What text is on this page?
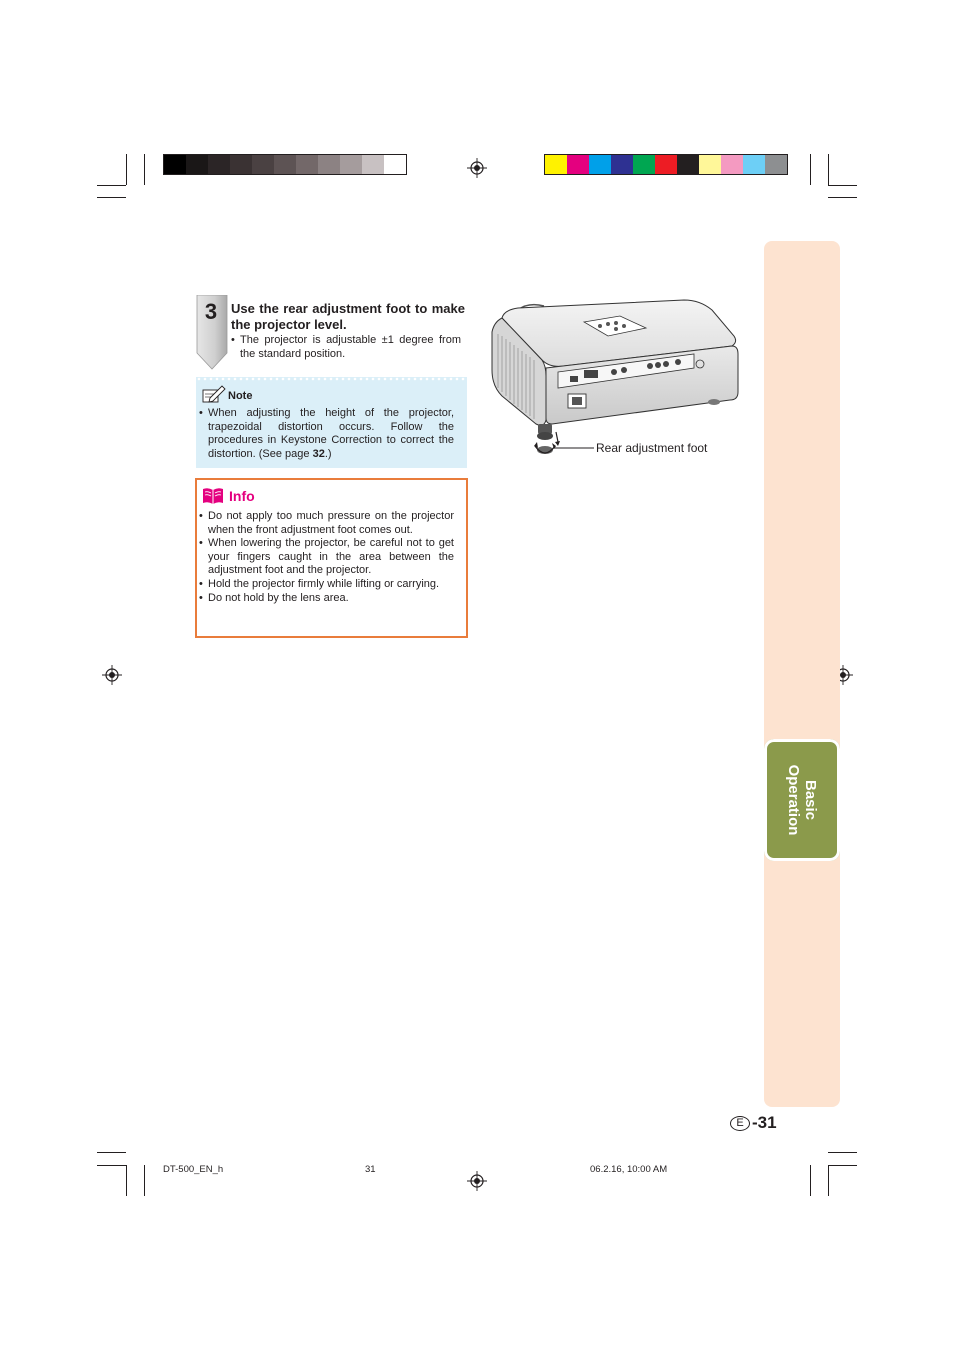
Basic
Operation
3 Use the rear adjustment foot to make the projector level.
• The projector is adjustable ±1 degree from the standard position.
Note
• When adjusting the height of the projector, trapezoidal distortion occurs. Follow the procedures in Keystone Correction to correct the distortion. (See page 32.)
Info
• Do not apply too much pressure on the projector when the front adjustment foot comes out.
• When lowering the projector, be careful not to get your fingers caught in the area between the adjustment foot and the projector.
• Hold the projector firmly while lifting or carrying.
• Do not hold by the lens area.
Rear adjustment foot
E -31
DT-500_EN_h	31	06.2.16, 10:00 AM
